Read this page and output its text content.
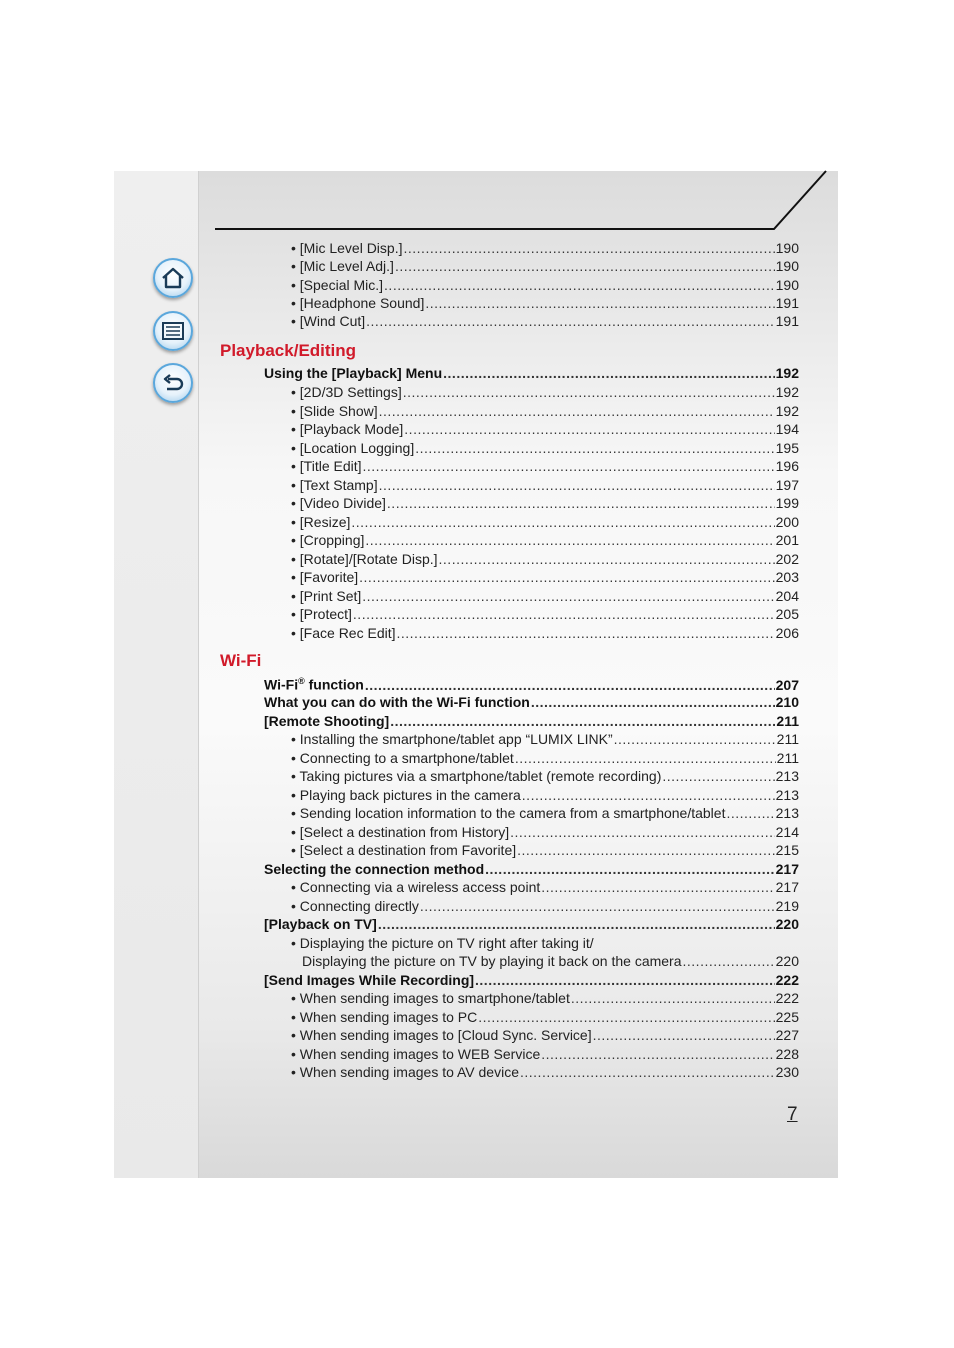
• [Mic Level Disp.] .....	190
• [Mic Level Adj.] .....	190
• [Special Mic.] .....	190
• [Headphone Sound] .....	191
• [Wind Cut] .....	191
Playback/Editing
Using the [Playback] Menu .....	192
• [2D/3D Settings] .....	192
• [Slide Show] .....	192
• [Playback Mode] .....	194
• [Location Logging] .....	195
• [Title Edit] .....	196
• [Text Stamp] .....	197
• [Video Divide] .....	199
• [Resize] .....	200
• [Cropping] .....	201
• [Rotate]/[Rotate Disp.] .....	202
• [Favorite] .....	203
• [Print Set] .....	204
• [Protect] .....	205
• [Face Rec Edit] .....	206
Wi-Fi
Wi-Fi® function .....	207
What you can do with the Wi-Fi function .....	210
[Remote Shooting] .....	211
• Installing the smartphone/tablet app “LUMIX LINK” .....	211
• Connecting to a smartphone/tablet .....	211
• Taking pictures via a smartphone/tablet (remote recording) .....	213
• Playing back pictures in the camera .....	213
• Sending location information to the camera from a smartphone/tablet .....	213
• [Select a destination from History] .....	214
• [Select a destination from Favorite] .....	215
Selecting the connection method .....	217
• Connecting via a wireless access point .....	217
• Connecting directly .....	219
[Playback on TV] .....	220
• Displaying the picture on TV right after taking it/
Displaying the picture on TV by playing it back on the camera .....	220
[Send Images While Recording] .....	222
• When sending images to smartphone/tablet .....	222
• When sending images to PC .....	225
• When sending images to [Cloud Sync. Service] .....	227
• When sending images to WEB Service .....	228
• When sending images to AV device .....	230
7
